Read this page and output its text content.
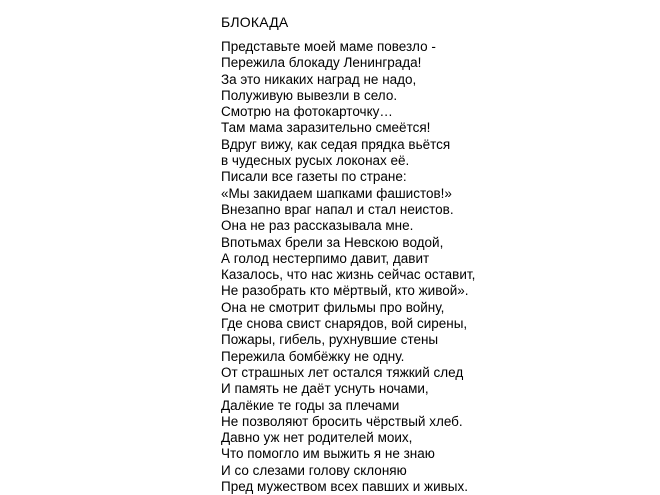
БЛОКАДА
Представьте моей маме повезло -
Пережила блокаду Ленинграда!
За это никаких наград не надо,
Полуживую вывезли в село.
Смотрю на фотокарточку…
Там мама заразительно смеётся!
Вдруг вижу, как седая прядка вьётся
в чудесных русых локонах её.
Писали все газеты по стране:
«Мы закидаем шапками фашистов!»
Внезапно враг напал и стал неистов.
Она не раз рассказывала мне.
Впотьмах брели за Невскою водой,
А голод нестерпимо давит, давит
Казалось, что нас жизнь сейчас оставит,
Не разобрать кто мёртвый, кто живой».
Она не смотрит фильмы про войну,
Где снова свист снарядов, вой сирены,
Пожары, гибель, рухнувшие стены
Пережила бомбёжку не одну.
От страшных лет остался тяжкий след
И память не даёт уснуть ночами,
Далёкие те годы за плечами
Не позволяют бросить чёрствый хлеб.
Давно уж нет родителей моих,
Что помогло им выжить я не знаю
И со слезами голову склоняю
Пред мужеством всех павших и живых.
